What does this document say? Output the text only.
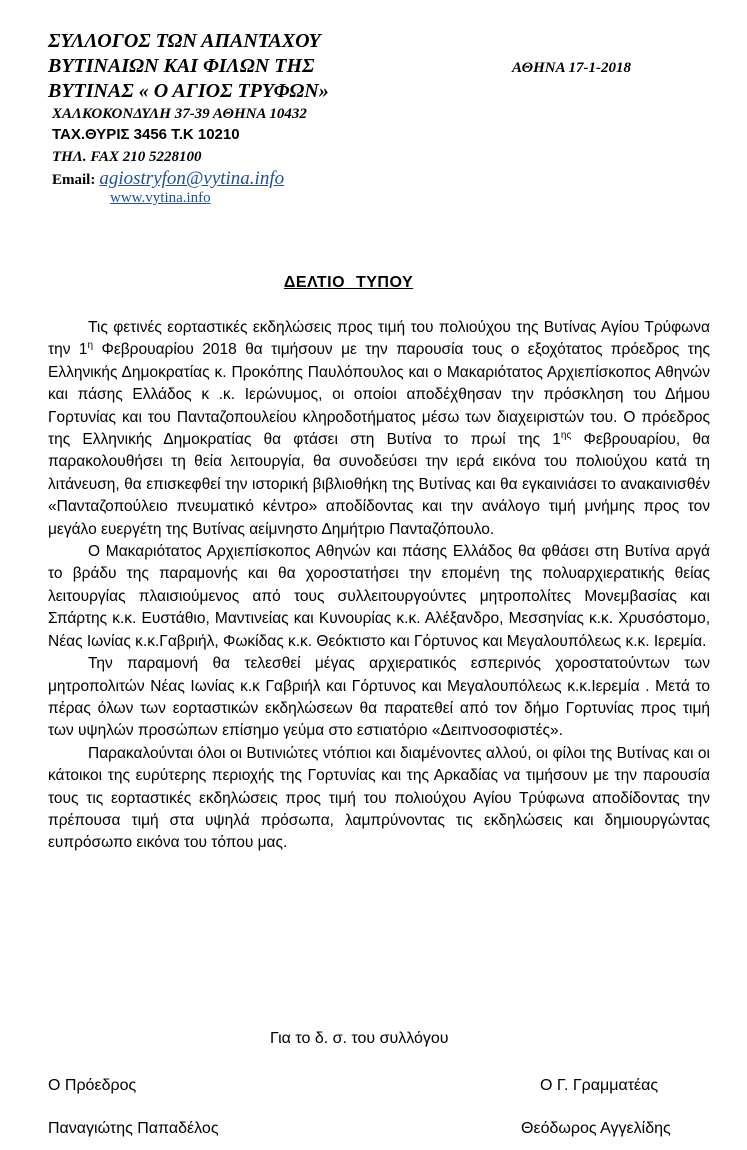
ΣΥΛΛΟΓΟΣ ΤΩΝ ΑΠΑΝΤΑΧΟΥ
ΒΥΤΙΝΑΙΩΝ ΚΑΙ ΦΙΛΩΝ ΤΗΣ
ΒΥΤΙΝΑΣ « Ο ΑΓΙΟΣ ΤΡΥΦΩΝ»
ΑΘΗΝΑ 17-1-2018
ΧΑΛΚΟΚΟΝΔΥΛΗ 37-39 ΑΘΗΝΑ 10432
ΤΑΧ.ΘΥΡΙΣ 3456 Τ.Κ 10210
ΤΗΛ. FAX 210 5228100
Email: agiostryfon@vytina.info
www.vytina.info
ΔΕΛΤΙΟ ΤΥΠΟΥ

Τις φετινές εορταστικές εκδηλώσεις προς τιμή του πολιούχου της Βυτίνας Αγίου Τρύφωνα την $1^\eta$ Φεβρουαρίου 2018 θα τιμήσουν με την παρουσία τους ο εξοχότατος πρόεδρος της Ελληνικής Δημοκρατίας κ. Προκόπης Παυλόπουλος και ο Μακαριότατος Αρχιεπίσκοπος Αθηνών και πάσης Ελλάδος κ .κ. Ιερώνυμος, οι οποίοι αποδέχθησαν την πρόσκληση του Δήμου Γορτυνίας και του Πανταζοπουλείου κληροδοτήματος μέσω των διαχειριστών του. Ο πρόεδρος της Ελληνικής Δημοκρατίας θα φτάσει στη Βυτίνα το πρωί της $1^{\eta\varsigma}$ Φεβρουαρίου, θα παρακολουθήσει τη θεία λειτουργία, θα συνοδεύσει την ιερά εικόνα του πολιούχου κατά τη λιτάνευση, θα επισκεφθεί την ιστορική βιβλιοθήκη της Βυτίνας και θα εγκαινιάσει το ανακαινισθέν «Πανταζοπούλειο πνευματικό κέντρο» αποδίδοντας και την ανάλογο τιμή μνήμης προς τον μεγάλο ευεργέτη της Βυτίνας αείμνηστο Δημήτριο Πανταζόπουλο.

Ο Μακαριότατος Αρχιεπίσκοπος Αθηνών και πάσης Ελλάδος θα φθάσει στη Βυτίνα αργά το βράδυ της παραμονής και θα χοροστατήσει την επομένη της πολυαρχιερατικής θείας λειτουργίας πλαισιούμενος από τους συλλειτουργούντες μητροπολίτες Μονεμβασίας και Σπάρτης κ.κ. Ευστάθιο, Μαντινείας και Κυνουρίας κ.κ. Αλέξανδρο, Μεσσηνίας κ.κ. Χρυσόστομο, Νέας Ιωνίας κ.κ.Γαβριήλ, Φωκίδας κ.κ. Θεόκτιστο και Γόρτυνος και Μεγαλουπόλεως κ.κ. Ιερεμία.

Την παραμονή θα τελεσθεί μέγας αρχιερατικός εσπερινός χοροστατούντων των μητροπολιτών Νέας Ιωνίας κ.κ Γαβριήλ και Γόρτυνος και Μεγαλουπόλεως κ.κ.Ιερεμία . Μετά το πέρας όλων των εορταστικών εκδηλώσεων θα παρατεθεί από τον δήμο Γορτυνίας προς τιμή των υψηλών προσώπων επίσημο γεύμα στο εστιατόριο «Δειπνοσοφιστές».

Παρακαλούνται όλοι οι Βυτινιώτες ντόπιοι και διαμένοντες αλλού, οι φίλοι της Βυτίνας και οι κάτοικοι της ευρύτερης περιοχής της Γορτυνίας και της Αρκαδίας να τιμήσουν με την παρουσία τους τις εορταστικές εκδηλώσεις προς τιμή του πολιούχου Αγίου Τρύφωνα αποδίδοντας την πρέπουσα τιμή στα υψηλά πρόσωπα, λαμπρύνοντας τις εκδηλώσεις και δημιουργώντας ευπρόσωπο εικόνα του τόπου μας.

Για το δ. σ. του συλλόγου
Ο Πρόεδρος	Ο Γ. Γραμματέας
Παναγιώτης Παπαδέλος	Θεόδωρος Αγγελίδης
